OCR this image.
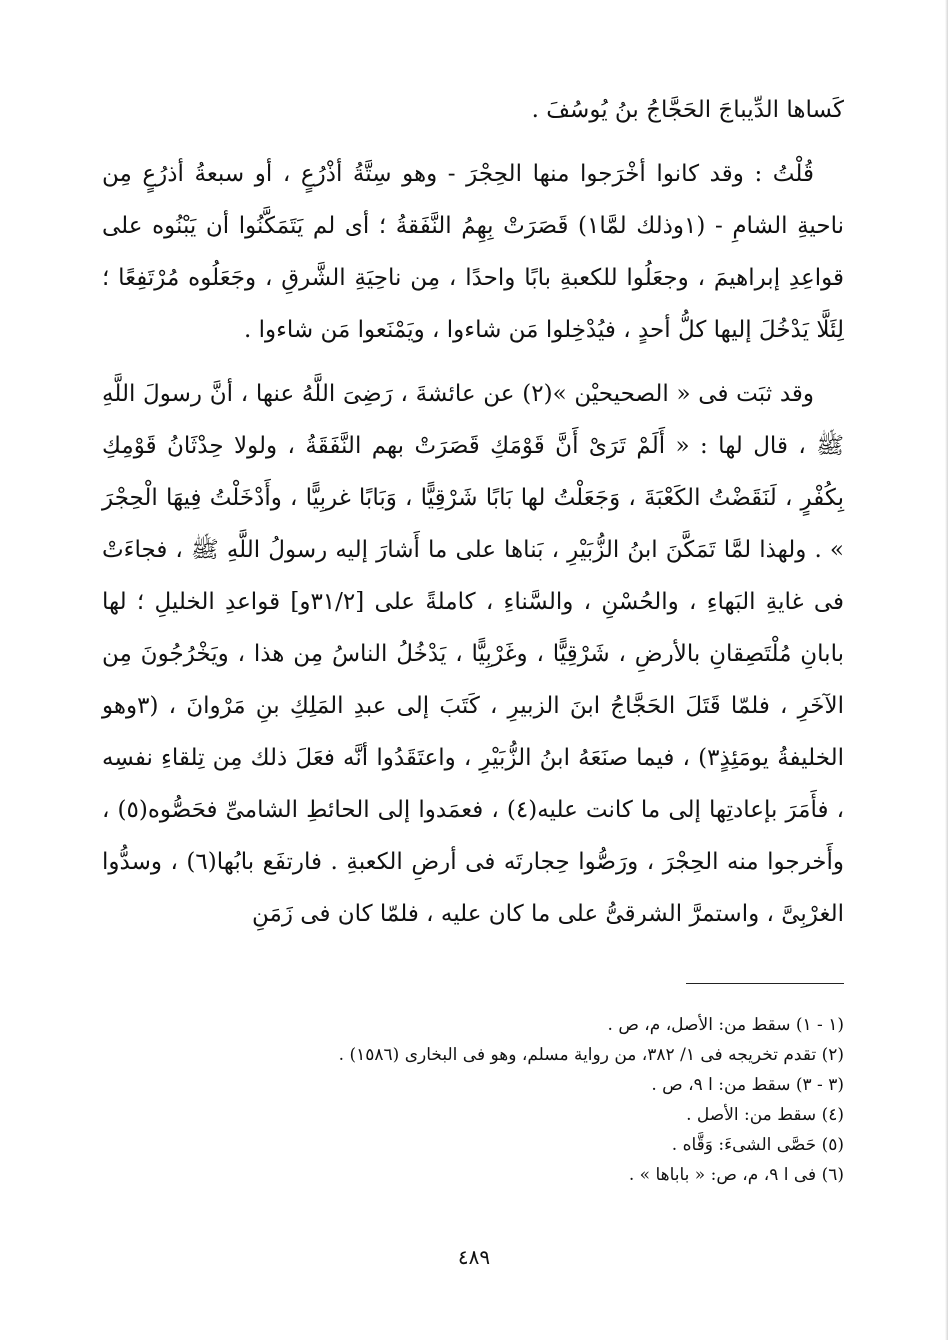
كَساها الدِّيباجَ الحَجَّاجُ بنُ يُوسُفَ .

قُلْتُ : وقد كانوا أخْرَجوا منها الحِجْرَ - وهو سِتَّةُ أذْرُعٍ ، أو سبعةُ أذرُعٍ مِن ناحيةِ الشامِ - (١وذلك لمَّا١) قَصَرَتْ بِهِمُ النَّفَقةُ ؛ أى لم يَتَمَكَّنُوا أن يَبْنُوه على قواعِدِ إبراهيمَ ، وجعَلُوا للكعبةِ بابًا واحدًا ، مِن ناحِيَةِ الشَّرقِ ، وجَعَلُوه مُرْتَفِعًا ؛ لِئَلَّا يَدْخُلَ إليها كلُّ أحدٍ ، فيُدْخِلوا مَن شاءوا ، ويَمْنَعوا مَن شاءوا .

وقد ثبَت فى « الصحيحيْن »(٢) عن عائشةَ ، رَضِىَ اللَّهُ عنها ، أنَّ رسولَ اللَّهِ ﷺ ، قال لها : « أَلَمْ تَرَىْ أَنَّ قَوْمَكِ قَصَرَتْ بهم النَّفَقَةُ ، ولولا حِدْثَانُ قَوْمِكِ بِكُفْرٍ ، لَنَقَضْتُ الكَعْبَةَ ، وَجَعَلْتُ لها بَابًا شَرْقِيًّا ، وَبَابًا غربِيًّا ، وأَدْخَلْتُ فِيهَا الْحِجْرَ » . ولهذا لمَّا تَمَكَّنَ ابنُ الزُّبَيْرِ ، بَناها على ما أَشارَ إليه رسولُ اللَّهِ ﷺ ، فجاءَتْ فى غايةِ البَهاءِ ، والحُسْنِ ، والسَّناءِ ، كاملةً على [٣١/٢و] قواعدِ الخليلِ ؛ لها بابانِ مُلْتَصِقانِ بالأرضِ ، شَرْقِيًّا ، وغَرْبِيًّا ، يَدْخُلُ الناسُ مِن هذا ، ويَخْرُجُونَ مِن الآخَرِ ، فلمّا قَتَلَ الحَجَّاجُ ابنَ الزبيرِ ، كَتَبَ إلى عبدِ المَلِكِ بنِ مَرْوانَ ، (٣وهو الخليفةُ يومَئِذٍ٣) ، فيما صنَعَهُ ابنُ الزُّبَيْرِ ، واعتَقَدُوا أنَّه فعَلَ ذلك مِن تِلقاءِ نفسِه ، فأَمَرَ بإعادتِها إلى ما كانت عليه(٤) ، فعمَدوا إلى الحائطِ الشامىِّ فحَصُّوه(٥) ، وأَخرجوا منه الحِجْرَ ، ورَصُّوا حِجارتَه فى أرضِ الكعبةِ . فارتفَع بابُها(٦) ، وسدُّوا الغرْبِىَّ ، واستمرَّ الشرقىُّ على ما كان عليه ، فلمّا كان فى زَمَنِ

(١ - ١) سقط من: الأصل، م، ص .
(٢) تقدم تخريجه فى ١/ ٣٨٢، من رواية مسلم، وهو فى البخارى (١٥٨٦) .
(٣ - ٣) سقط من: ا ٩، ص .
(٤) سقط من: الأصل .
(٥) حَصَّى الشىءَ: وَقَّاه .
(٦) فى ا ٩، م، ص: « باباها » .
٤٨٩
